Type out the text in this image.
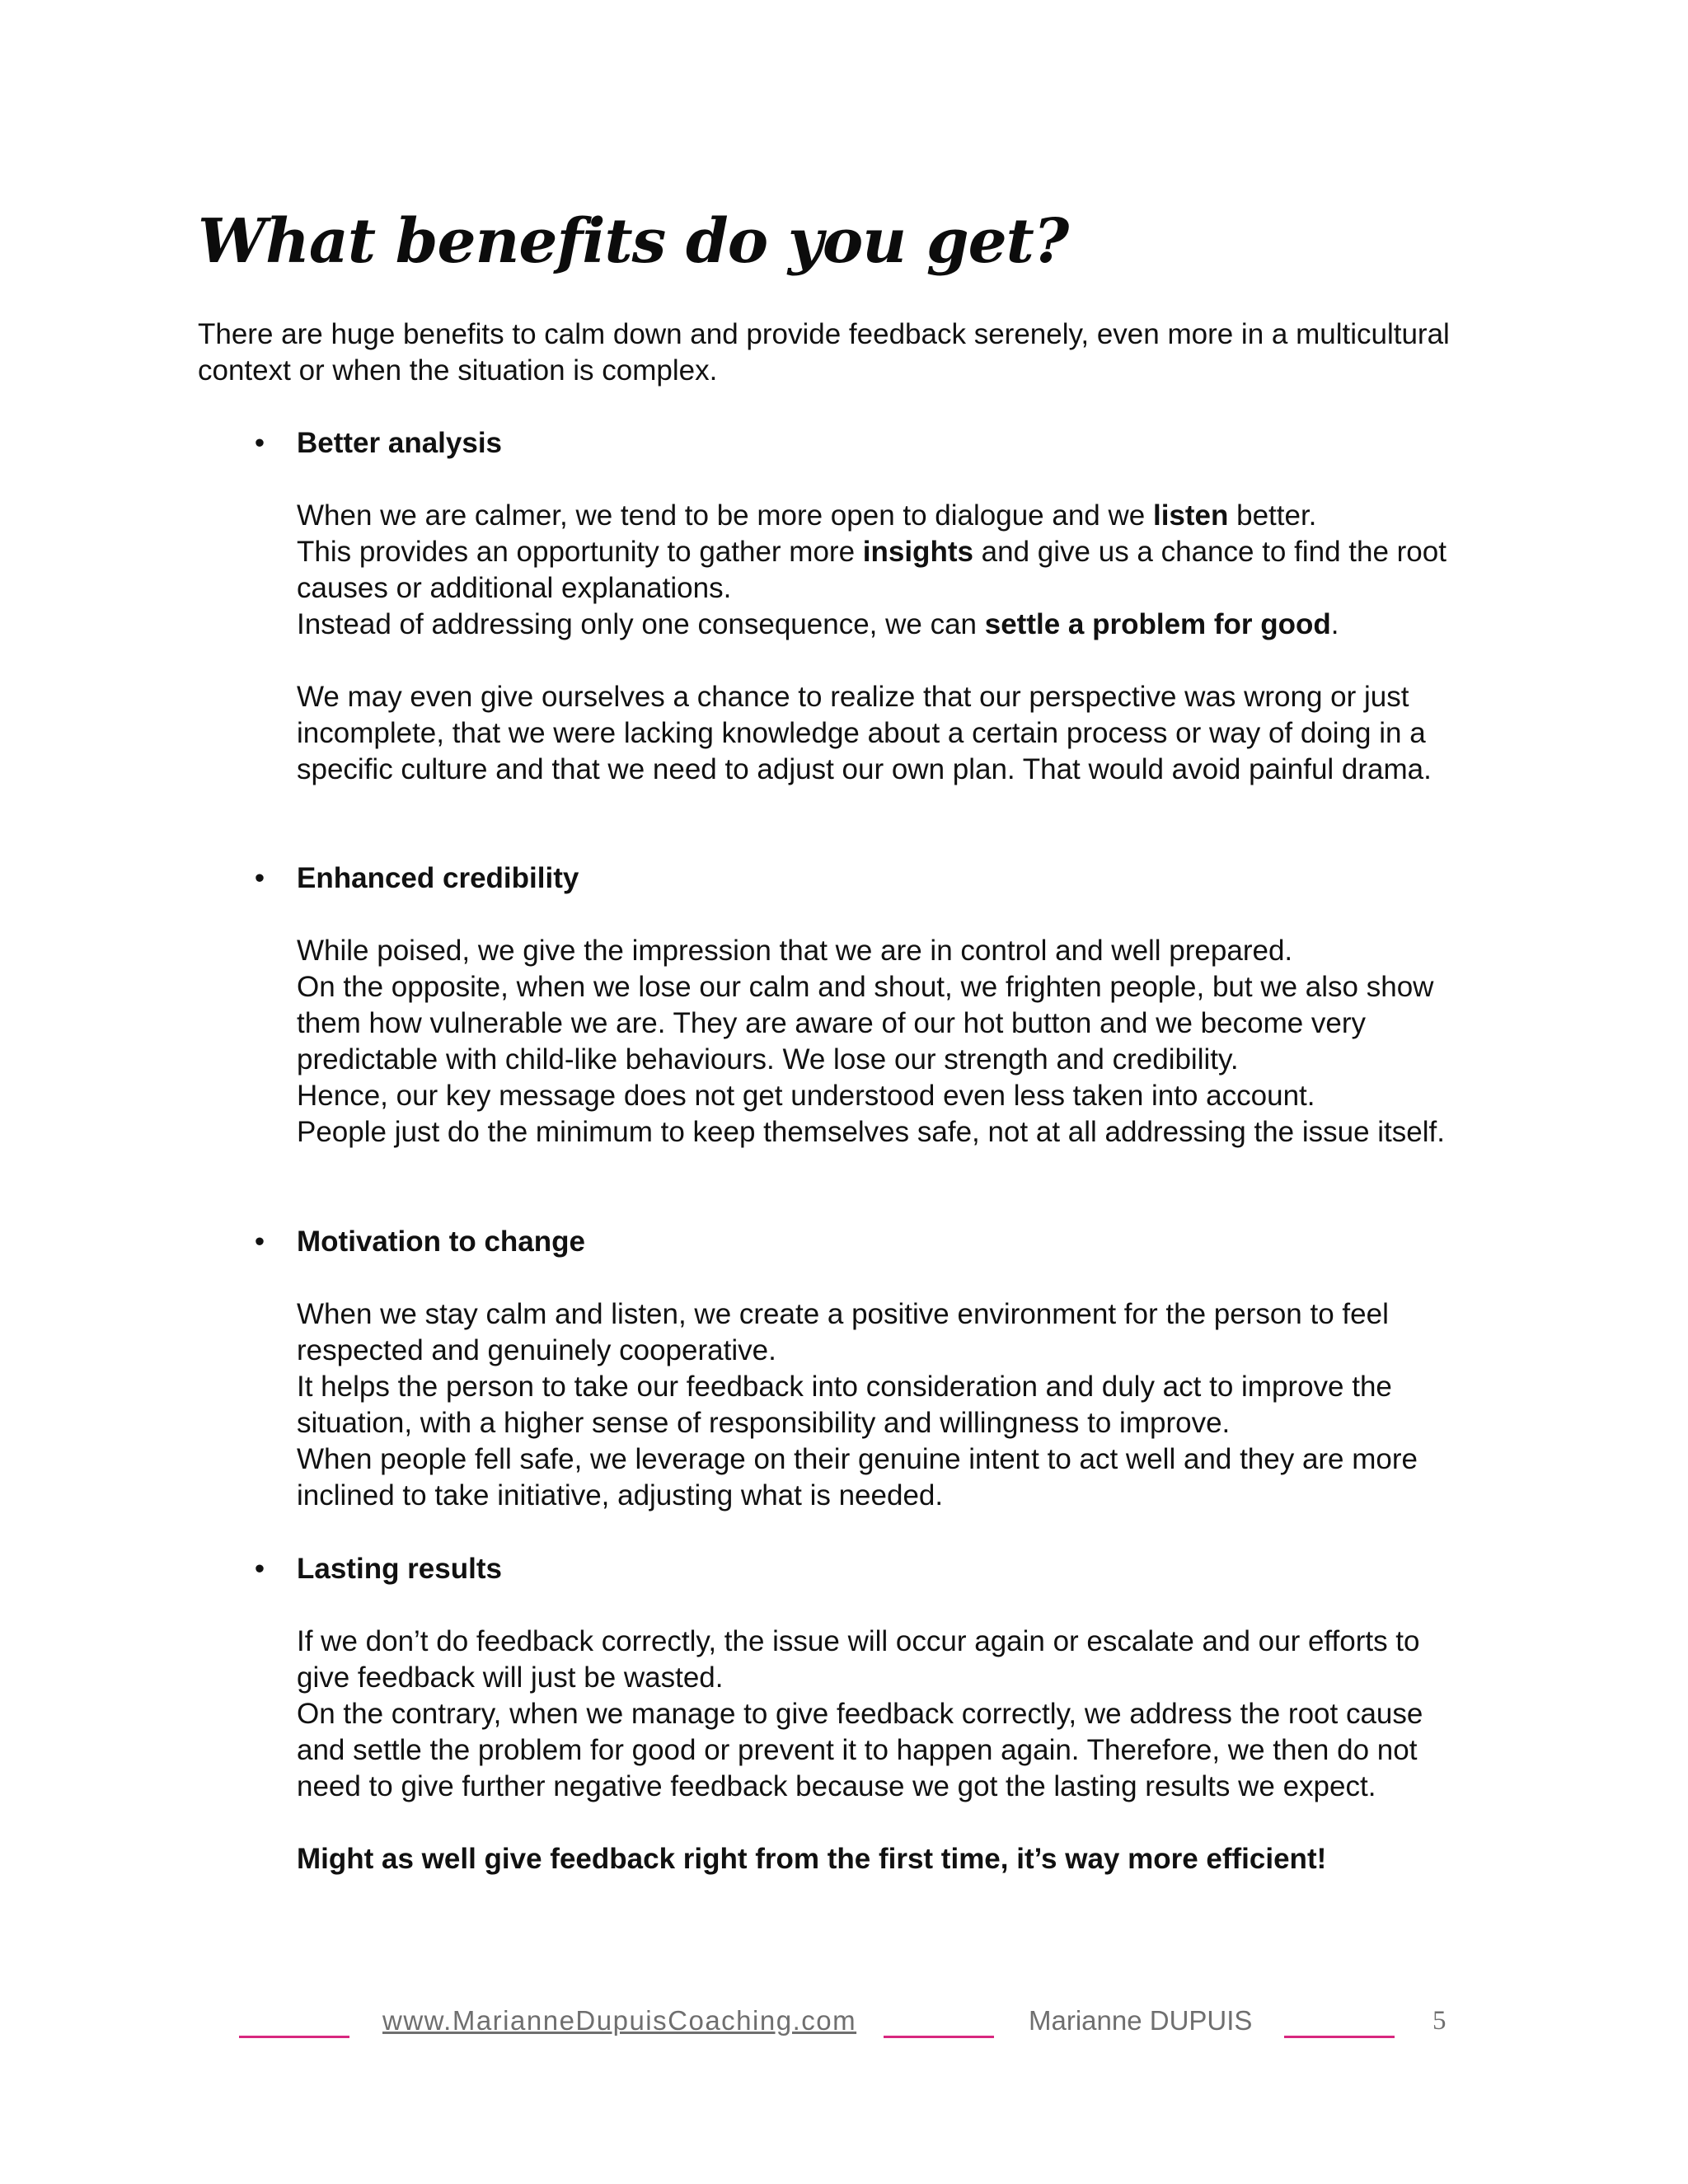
What benefits do you get?

There are huge benefits to calm down and provide feedback serenely, even more in a multicultural
context or when the situation is complex.

• Better analysis

When we are calmer, we tend to be more open to dialogue and we listen better.
This provides an opportunity to gather more insights and give us a chance to find the root
causes or additional explanations.
Instead of addressing only one consequence, we can settle a problem for good.

We may even give ourselves a chance to realize that our perspective was wrong or just
incomplete, that we were lacking knowledge about a certain process or way of doing in a
specific culture and that we need to adjust our own plan. That would avoid painful drama.

• Enhanced credibility

While poised, we give the impression that we are in control and well prepared.
On the opposite, when we lose our calm and shout, we frighten people, but we also show
them how vulnerable we are. They are aware of our hot button and we become very
predictable with child-like behaviours. We lose our strength and credibility.
Hence, our key message does not get understood even less taken into account.
People just do the minimum to keep themselves safe, not at all addressing the issue itself.

• Motivation to change

When we stay calm and listen, we create a positive environment for the person to feel
respected and genuinely cooperative.
It helps the person to take our feedback into consideration and duly act to improve the
situation, with a higher sense of responsibility and willingness to improve.
When people fell safe, we leverage on their genuine intent to act well and they are more
inclined to take initiative, adjusting what is needed.

• Lasting results

If we don’t do feedback correctly, the issue will occur again or escalate and our efforts to
give feedback will just be wasted.
On the contrary, when we manage to give feedback correctly, we address the root cause
and settle the problem for good or prevent it to happen again. Therefore, we then do not
need to give further negative feedback because we got the lasting results we expect.

Might as well give feedback right from the first time, it’s way more efficient!

www.MarianneDupuisCoaching.com	Marianne DUPUIS	5
